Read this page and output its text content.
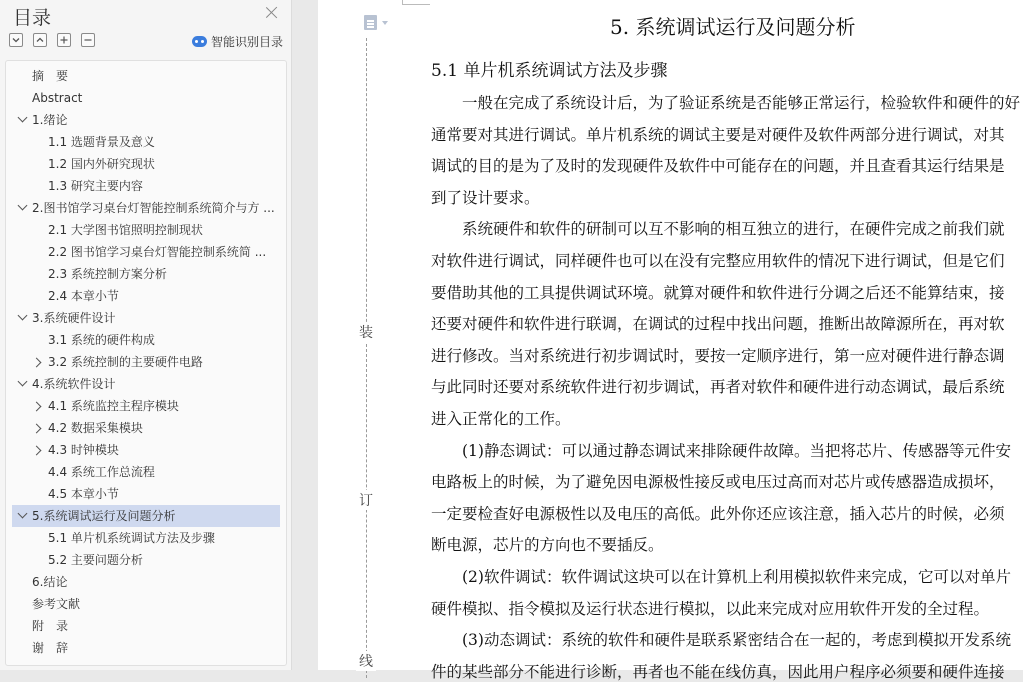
目录
智能识别目录
摘　要
Abstract
1.绪论
1.1 选题背景及意义
1.2 国内外研究现状
1.3 研究主要内容
2.图书馆学习桌台灯智能控制系统简介与方 ...
2.1 大学图书馆照明控制现状
2.2 图书馆学习桌台灯智能控制系统简 ...
2.3 系统控制方案分析
2.4 本章小节
3.系统硬件设计
3.1 系统的硬件构成
3.2 系统控制的主要硬件电路
4.系统软件设计
4.1 系统监控主程序模块
4.2 数据采集模块
4.3 时钟模块
4.4 系统工作总流程
4.5 本章小节
5.系统调试运行及问题分析
5.1 单片机系统调试方法及步骤
5.2 主要问题分析
6.结论
参考文献
附　录
谢　辞
装
订
线
5. 系统调试运行及问题分析
5.1 单片机系统调试方法及步骤
　　一般在完成了系统设计后，为了验证系统是否能够正常运行，检验软件和硬件的好
通常要对其进行调试。单片机系统的调试主要是对硬件及软件两部分进行调试，对其
调试的目的是为了及时的发现硬件及软件中可能存在的问题，并且查看其运行结果是
到了设计要求。
　　系统硬件和软件的研制可以互不影响的相互独立的进行，在硬件完成之前我们就
对软件进行调试，同样硬件也可以在没有完整应用软件的情况下进行调试，但是它们
要借助其他的工具提供调试环境。就算对硬件和软件进行分调之后还不能算结束，接
还要对硬件和软件进行联调，在调试的过程中找出问题，推断出故障源所在，再对软
进行修改。当对系统进行初步调试时，要按一定顺序进行，第一应对硬件进行静态调
与此同时还要对系统软件进行初步调试，再者对软件和硬件进行动态调试，最后系统
进入正常化的工作。
　　(1)静态调试：可以通过静态调试来排除硬件故障。当把将芯片、传感器等元件安
电路板上的时候，为了避免因电源极性接反或电压过高而对芯片或传感器造成损坏，
一定要检查好电源极性以及电压的高低。此外你还应该注意，插入芯片的时候，必须
断电源，芯片的方向也不要插反。
　　(2)软件调试：软件调试这块可以在计算机上利用模拟软件来完成，它可以对单片
硬件模拟、指令模拟及运行状态进行模拟，以此来完成对应用软件开发的全过程。
　　(3)动态调试：系统的软件和硬件是联系紧密结合在一起的，考虑到模拟开发系统
件的某些部分不能进行诊断，再者也不能在线仿真，因此用户程序必须要和硬件连接
